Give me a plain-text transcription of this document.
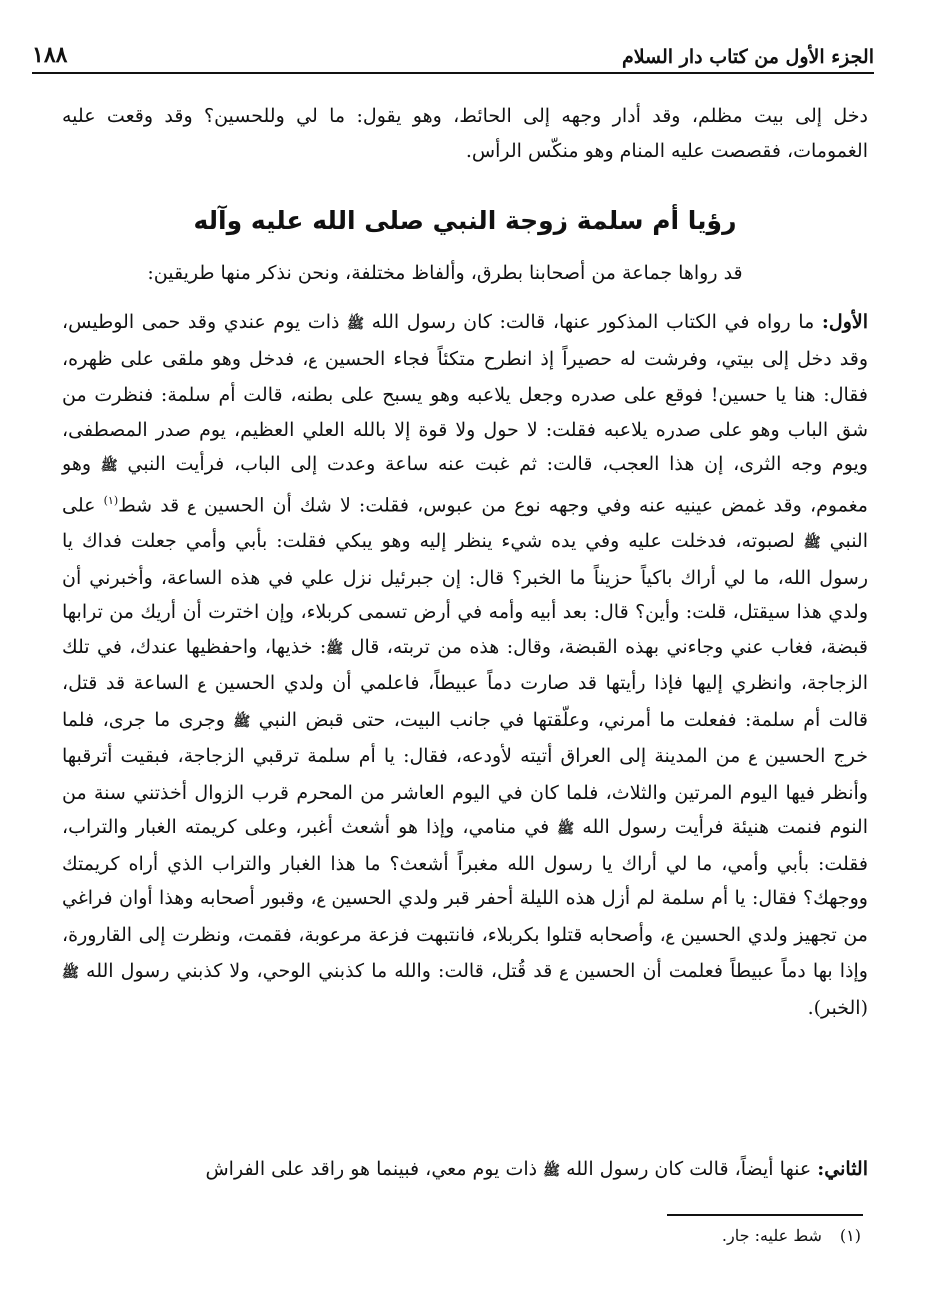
الجزء الأول من كتاب دار السلام
١٨٨
دخل إلى بيت مظلم، وقد أدار وجهه إلى الحائط، وهو يقول: ما لي وللحسين؟ وقد وقعت عليه الغمومات، فقصصت عليه المنام وهو منكّس الرأس.
رؤيا أم سلمة زوجة النبي صلى الله عليه وآله
قد رواها جماعة من أصحابنا بطرق، وألفاظ مختلفة، ونحن نذكر منها طريقين:
الأول: ما رواه في الكتاب المذكور عنها، قالت: كان رسول الله ﷺ ذات يوم عندي وقد حمى الوطيس، وقد دخل إلى بيتي، وفرشت له حصيراً إذ انطرح متكئاً فجاء الحسين ع، فدخل وهو ملقى على ظهره، فقال: هنا يا حسين! فوقع على صدره وجعل يلاعبه وهو يسبح على بطنه، قالت أم سلمة: فنظرت من شق الباب وهو على صدره يلاعبه فقلت: لا حول ولا قوة إلا بالله العلي العظيم، يوم صدر المصطفى، ويوم وجه الثرى، إن هذا العجب، قالت: ثم غبت عنه ساعة وعدت إلى الباب، فرأيت النبي ﷺ وهو مغموم، وقد غمض عينيه عنه وفي وجهه نوع من عبوس، فقلت: لا شك أن الحسين ع قد شط$^{(١)}$ على النبي ﷺ لصبوته، فدخلت عليه وفي يده شيء ينظر إليه وهو يبكي فقلت: بأبي وأمي جعلت فداك يا رسول الله، ما لي أراك باكياً حزيناً ما الخبر؟ قال: إن جبرئيل نزل علي في هذه الساعة، وأخبرني أن ولدي هذا سيقتل، قلت: وأين؟ قال: بعد أبيه وأمه في أرض تسمى كربلاء، وإن اخترت أن أريك من ترابها قبضة، فغاب عني وجاءني بهذه القبضة، وقال: هذه من تربته، قال ﷺ: خذيها، واحفظيها عندك، في تلك الزجاجة، وانظري إليها فإذا رأيتها قد صارت دماً عبيطاً، فاعلمي أن ولدي الحسين ع الساعة قد قتل، قالت أم سلمة: ففعلت ما أمرني، وعلّقتها في جانب البيت، حتى قبض النبي ﷺ وجرى ما جرى، فلما خرج الحسين ع من المدينة إلى العراق أتيته لأودعه، فقال: يا أم سلمة ترقبي الزجاجة، فبقيت أترقبها وأنظر فيها اليوم المرتين والثلاث، فلما كان في اليوم العاشر من المحرم قرب الزوال أخذتني سنة من النوم فنمت هنيئة فرأيت رسول الله ﷺ في منامي، وإذا هو أشعث أغبر، وعلى كريمته الغبار والتراب، فقلت: بأبي وأمي، ما لي أراك يا رسول الله مغبراً أشعث؟ ما هذا الغبار والتراب الذي أراه كريمتك ووجهك؟ فقال: يا أم سلمة لم أزل هذه الليلة أحفر قبر ولدي الحسين ع، وقبور أصحابه وهذا أوان فراغي من تجهيز ولدي الحسين ع، وأصحابه قتلوا بكربلاء، فانتبهت فزعة مرعوبة، فقمت، ونظرت إلى القارورة، وإذا بها دماً عبيطاً فعلمت أن الحسين ع قد قُتل، قالت: والله ما كذبني الوحي، ولا كذبني رسول الله ﷺ (الخبر).
الثاني: عنها أيضاً، قالت كان رسول الله ﷺ ذات يوم معي، فبينما هو راقد على الفراش
(١)شط عليه: جار.
